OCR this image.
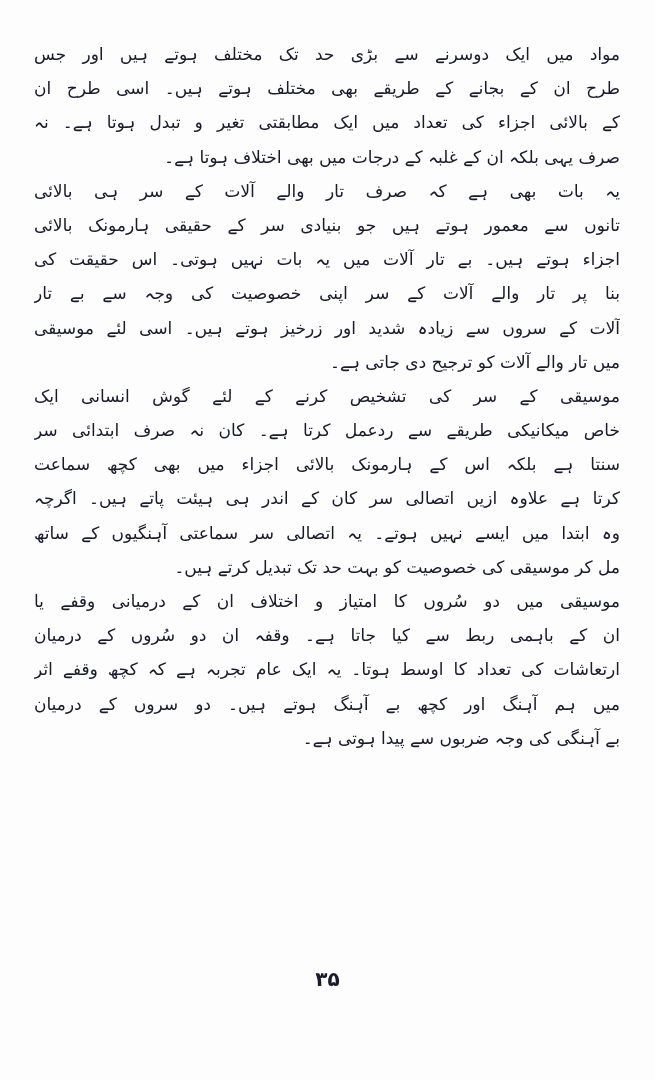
مواد میں ایک دوسرنے سے بڑی حد تک مختلف ہوتے ہیں اور جس
طرح ان کے بجانے کے طریقے بھی مختلف ہوتے ہیں۔ اسی طرح ان
کے بالائی اجزاء کی تعداد میں ایک مطابقتی تغیر و تبدل ہوتا ہے۔ نہ
صرف یہی بلکہ ان کے غلبہ کے درجات میں بھی اختلاف ہوتا ہے۔
یہ بات بھی ہے کہ صرف تار والے آلات کے سر ہی بالائی
تانوں سے معمور ہوتے ہیں جو بنیادی سر کے حقیقی ہارمونک بالائی
اجزاء ہوتے ہیں۔ بے تار آلات میں یہ بات نہیں ہوتی۔ اس حقیقت کی
بنا پر تار والے آلات کے سر اپنی خصوصیت کی وجہ سے بے تار
آلات کے سروں سے زیادہ شدید اور زرخیز ہوتے ہیں۔ اسی لئے موسیقی
میں تار والے آلات کو ترجیح دی جاتی ہے۔
موسیقی کے سر کی تشخیص کرنے کے لئے گوش انسانی ایک
خاص میکانیکی طریقے سے ردعمل کرتا ہے۔ کان نہ صرف ابتدائی سر
سنتا ہے بلکہ اس کے ہارمونک بالائی اجزاء میں بھی کچھ سماعت
کرتا ہے علاوہ ازیں اتصالی سر کان کے اندر ہی ہیئت پاتے ہیں۔ اگرچہ
وہ ابتدا میں ایسے نہیں ہوتے۔ یہ اتصالی سر سماعتی آہنگیوں کے ساتھ
مل کر موسیقی کی خصوصیت کو بہت حد تک تبدیل کرتے ہیں۔
موسیقی میں دو سُروں کا امتیاز و اختلاف ان کے درمیانی وقفے یا
ان کے باہمی ربط سے کیا جاتا ہے۔ وقفہ ان دو سُروں کے درمیان
ارتعاشات کی تعداد کا اوسط ہوتا۔ یہ ایک عام تجربہ ہے کہ کچھ وقفے اثر
میں ہم آہنگ اور کچھ بے آہنگ ہوتے ہیں۔ دو سروں کے درمیان
بے آہنگی کی وجہ ضربوں سے پیدا ہوتی ہے۔
۳۵
